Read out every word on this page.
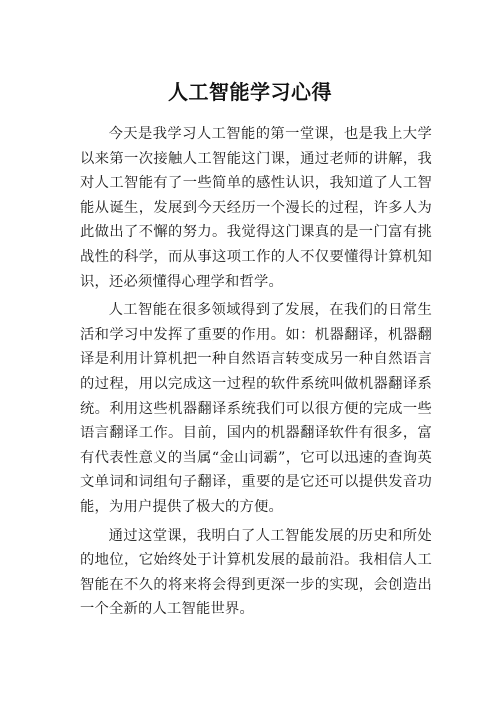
人工智能学习心得

今天是我学习人工智能的第一堂课，也是我上大学以来第一次接触人工智能这门课，通过老师的讲解，我对人工智能有了一些简单的感性认识，我知道了人工智能从诞生，发展到今天经历一个漫长的过程，许多人为此做出了不懈的努力。我觉得这门课真的是一门富有挑战性的科学，而从事这项工作的人不仅要懂得计算机知识，还必须懂得心理学和哲学。

人工智能在很多领域得到了发展，在我们的日常生活和学习中发挥了重要的作用。如：机器翻译，机器翻译是利用计算机把一种自然语言转变成另一种自然语言的过程，用以完成这一过程的软件系统叫做机器翻译系统。利用这些机器翻译系统我们可以很方便的完成一些语言翻译工作。目前，国内的机器翻译软件有很多，富有代表性意义的当属“金山词霸”，它可以迅速的查询英文单词和词组句子翻译，重要的是它还可以提供发音功能，为用户提供了极大的方便。

通过这堂课，我明白了人工智能发展的历史和所处的地位，它始终处于计算机发展的最前沿。我相信人工智能在不久的将来将会得到更深一步的实现，会创造出一个全新的人工智能世界。
